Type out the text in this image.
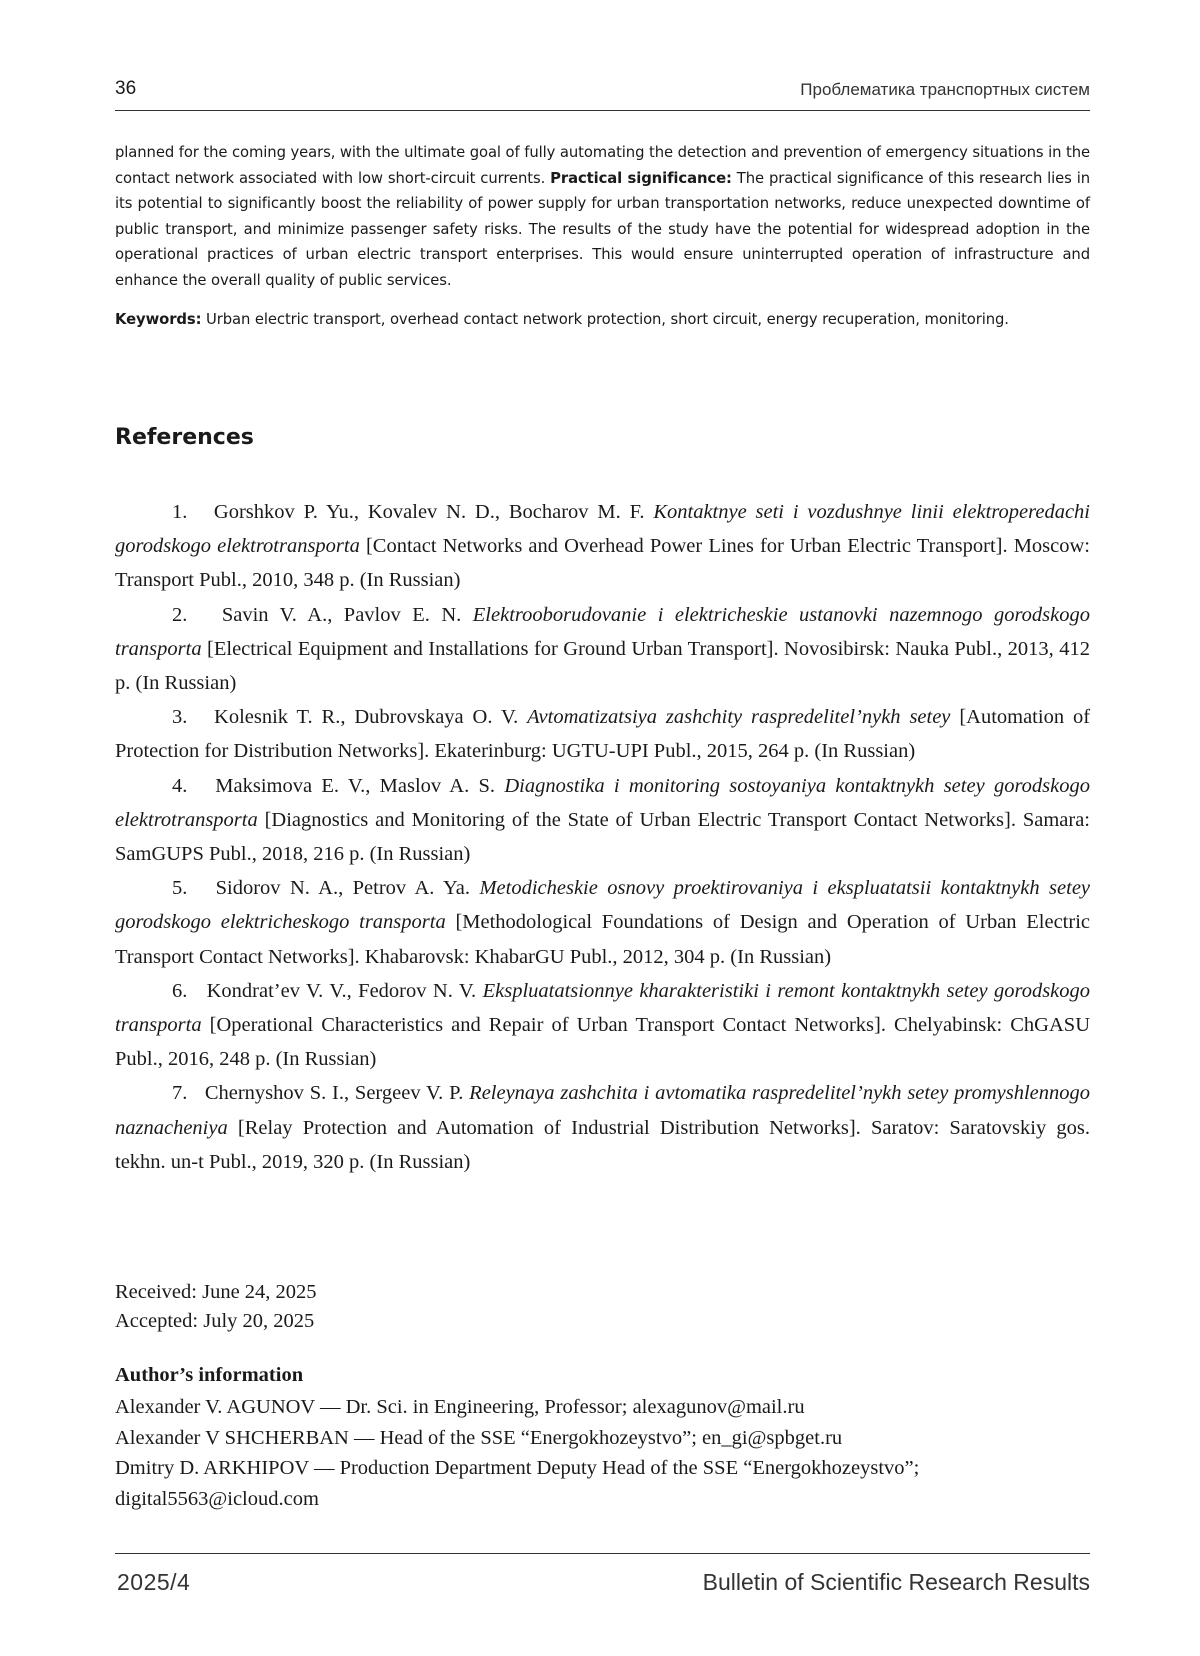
36	Проблематика транспортных систем

planned for the coming years, with the ultimate goal of fully automating the detection and prevention of emergency situations in the contact network associated with low short-circuit currents. Practical significance: The practical significance of this research lies in its potential to significantly boost the reliability of power supply for urban transportation networks, reduce unexpected downtime of public transport, and minimize passenger safety risks. The results of the study have the potential for widespread adoption in the operational practices of urban electric transport enterprises. This would ensure uninterrupted operation of infrastructure and enhance the overall quality of public services.

Keywords: Urban electric transport, overhead contact network protection, short circuit, energy recuperation, monitoring.

References

1. Gorshkov P. Yu., Kovalev N. D., Bocharov M. F. Kontaktnye seti i vozdushnye linii elektroperedachi gorodskogo elektrotransporta [Contact Networks and Overhead Power Lines for Urban Electric Transport]. Moscow: Transport Publ., 2010, 348 p. (In Russian)

2. Savin V. A., Pavlov E. N. Elektrooborudovanie i elektricheskie ustanovki nazemnogo gorodskogo transporta [Electrical Equipment and Installations for Ground Urban Transport]. Novosibirsk: Nauka Publ., 2013, 412 p. (In Russian)

3. Kolesnik T. R., Dubrovskaya O. V. Avtomatizatsiya zashchity raspredelitel’nykh setey [Automation of Protection for Distribution Networks]. Ekaterinburg: UGTU-UPI Publ., 2015, 264 p. (In Russian)

4. Maksimova E. V., Maslov A. S. Diagnostika i monitoring sostoyaniya kontaktnykh setey gorodskogo elektrotransporta [Diagnostics and Monitoring of the State of Urban Electric Transport Contact Networks]. Samara: SamGUPS Publ., 2018, 216 p. (In Russian)

5. Sidorov N. A., Petrov A. Ya. Metodicheskie osnovy proektirovaniya i ekspluatatsii kontaktnykh setey gorodskogo elektricheskogo transporta [Methodological Foundations of Design and Operation of Urban Electric Transport Contact Networks]. Khabarovsk: KhabarGU Publ., 2012, 304 p. (In Russian)

6. Kondrat’ev V. V., Fedorov N. V. Ekspluatatsionnye kharakteristiki i remont kontaktnykh setey gorodskogo transporta [Operational Characteristics and Repair of Urban Transport Contact Networks]. Chelyabinsk: ChGASU Publ., 2016, 248 p. (In Russian)

7. Chernyshov S. I., Sergeev V. P. Releynaya zashchita i avtomatika raspredelitel’nykh setey promyshlennogo naznacheniya [Relay Protection and Automation of Industrial Distribution Networks]. Saratov: Saratovskiy gos. tekhn. un-t Publ., 2019, 320 p. (In Russian)

Received: June 24, 2025
Accepted: July 20, 2025
Author’s information

Alexander V. AGUNOV — Dr. Sci. in Engineering, Professor; alexagunov@mail.ru

Alexander V SHCHERBAN — Head of the SSE “Energokhozeystvo”; en_gi@spbget.ru

Dmitry D. ARKHIPOV — Production Department Deputy Head of the SSE “Energokhozeystvo”; digital5563@icloud.com

2025/4	Bulletin of Scientific Research Results
